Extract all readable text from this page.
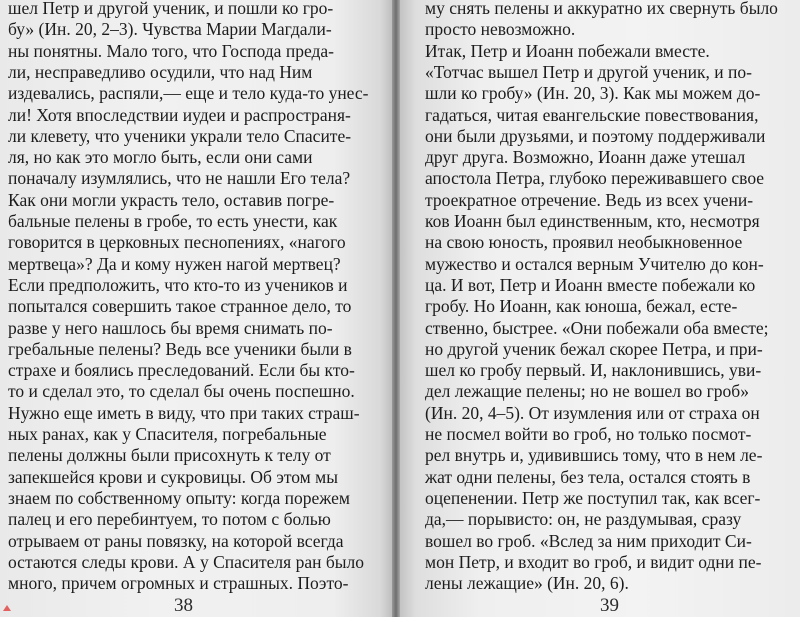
шел Петр и другой ученик, и пошли ко гро-

бу» (Ин. 20, 2–3). Чувства Марии Магдали-

ны понятны. Мало того, что Господа преда-

ли, несправедливо осудили, что над Ним

издевались, распяли,— еще и тело куда-то унес-

ли! Хотя впоследствии иудеи и распространя-

ли клевету, что ученики украли тело Спасите-

ля, но как это могло быть, если они сами

поначалу изумлялись, что не нашли Его тела?

Как они могли украсть тело, оставив погре-

бальные пелены в гробе, то есть унести, как

говорится в церковных песнопениях, «нагого

мертвеца»? Да и кому нужен нагой мертвец?

Если предположить, что кто-то из учеников и

попытался совершить такое странное дело, то

разве у него нашлось бы время снимать по-

гребальные пелены? Ведь все ученики были в

страхе и боялись преследований. Если бы кто-

то и сделал это, то сделал бы очень поспешно.

Нужно еще иметь в виду, что при таких страш-

ных ранах, как у Спасителя, погребальные

пелены должны были присохнуть к телу от

запекшейся крови и сукровицы. Об этом мы

знаем по собственному опыту: когда порежем

палец и его перебинтуем, то потом с болью

отрываем от раны повязку, на которой всегда

остаются следы крови. А у Спасителя ран было

много, причем огромных и страшных. Поэто-

38

му снять пелены и аккуратно их свернуть было

просто невозможно.

Итак, Петр и Иоанн побежали вместе.

«Тотчас вышел Петр и другой ученик, и по-

шли ко гробу» (Ин. 20, 3). Как мы можем до-

гадаться, читая евангельские повествования,

они были друзьями, и поэтому поддерживали

друг друга. Возможно, Иоанн даже утешал

апостола Петра, глубоко переживавшего свое

троекратное отречение. Ведь из всех учени-

ков Иоанн был единственным, кто, несмотря

на свою юность, проявил необыкновенное

мужество и остался верным Учителю до кон-

ца. И вот, Петр и Иоанн вместе побежали ко

гробу. Но Иоанн, как юноша, бежал, есте-

ственно, быстрее. «Они побежали оба вместе;

но другой ученик бежал скорее Петра, и при-

шел ко гробу первый. И, наклонившись, уви-

дел лежащие пелены; но не вошел во гроб»

(Ин. 20, 4–5). От изумления или от страха он

не посмел войти во гроб, но только посмот-

рел внутрь и, удивившись тому, что в нем ле-

жат одни пелены, без тела, остался стоять в

оцепенении. Петр же поступил так, как всег-

да,— порывисто: он, не раздумывая, сразу

вошел во гроб. «Вслед за ним приходит Си-

мон Петр, и входит во гроб, и видит одни пе-

лены лежащие» (Ин. 20, 6).

39
